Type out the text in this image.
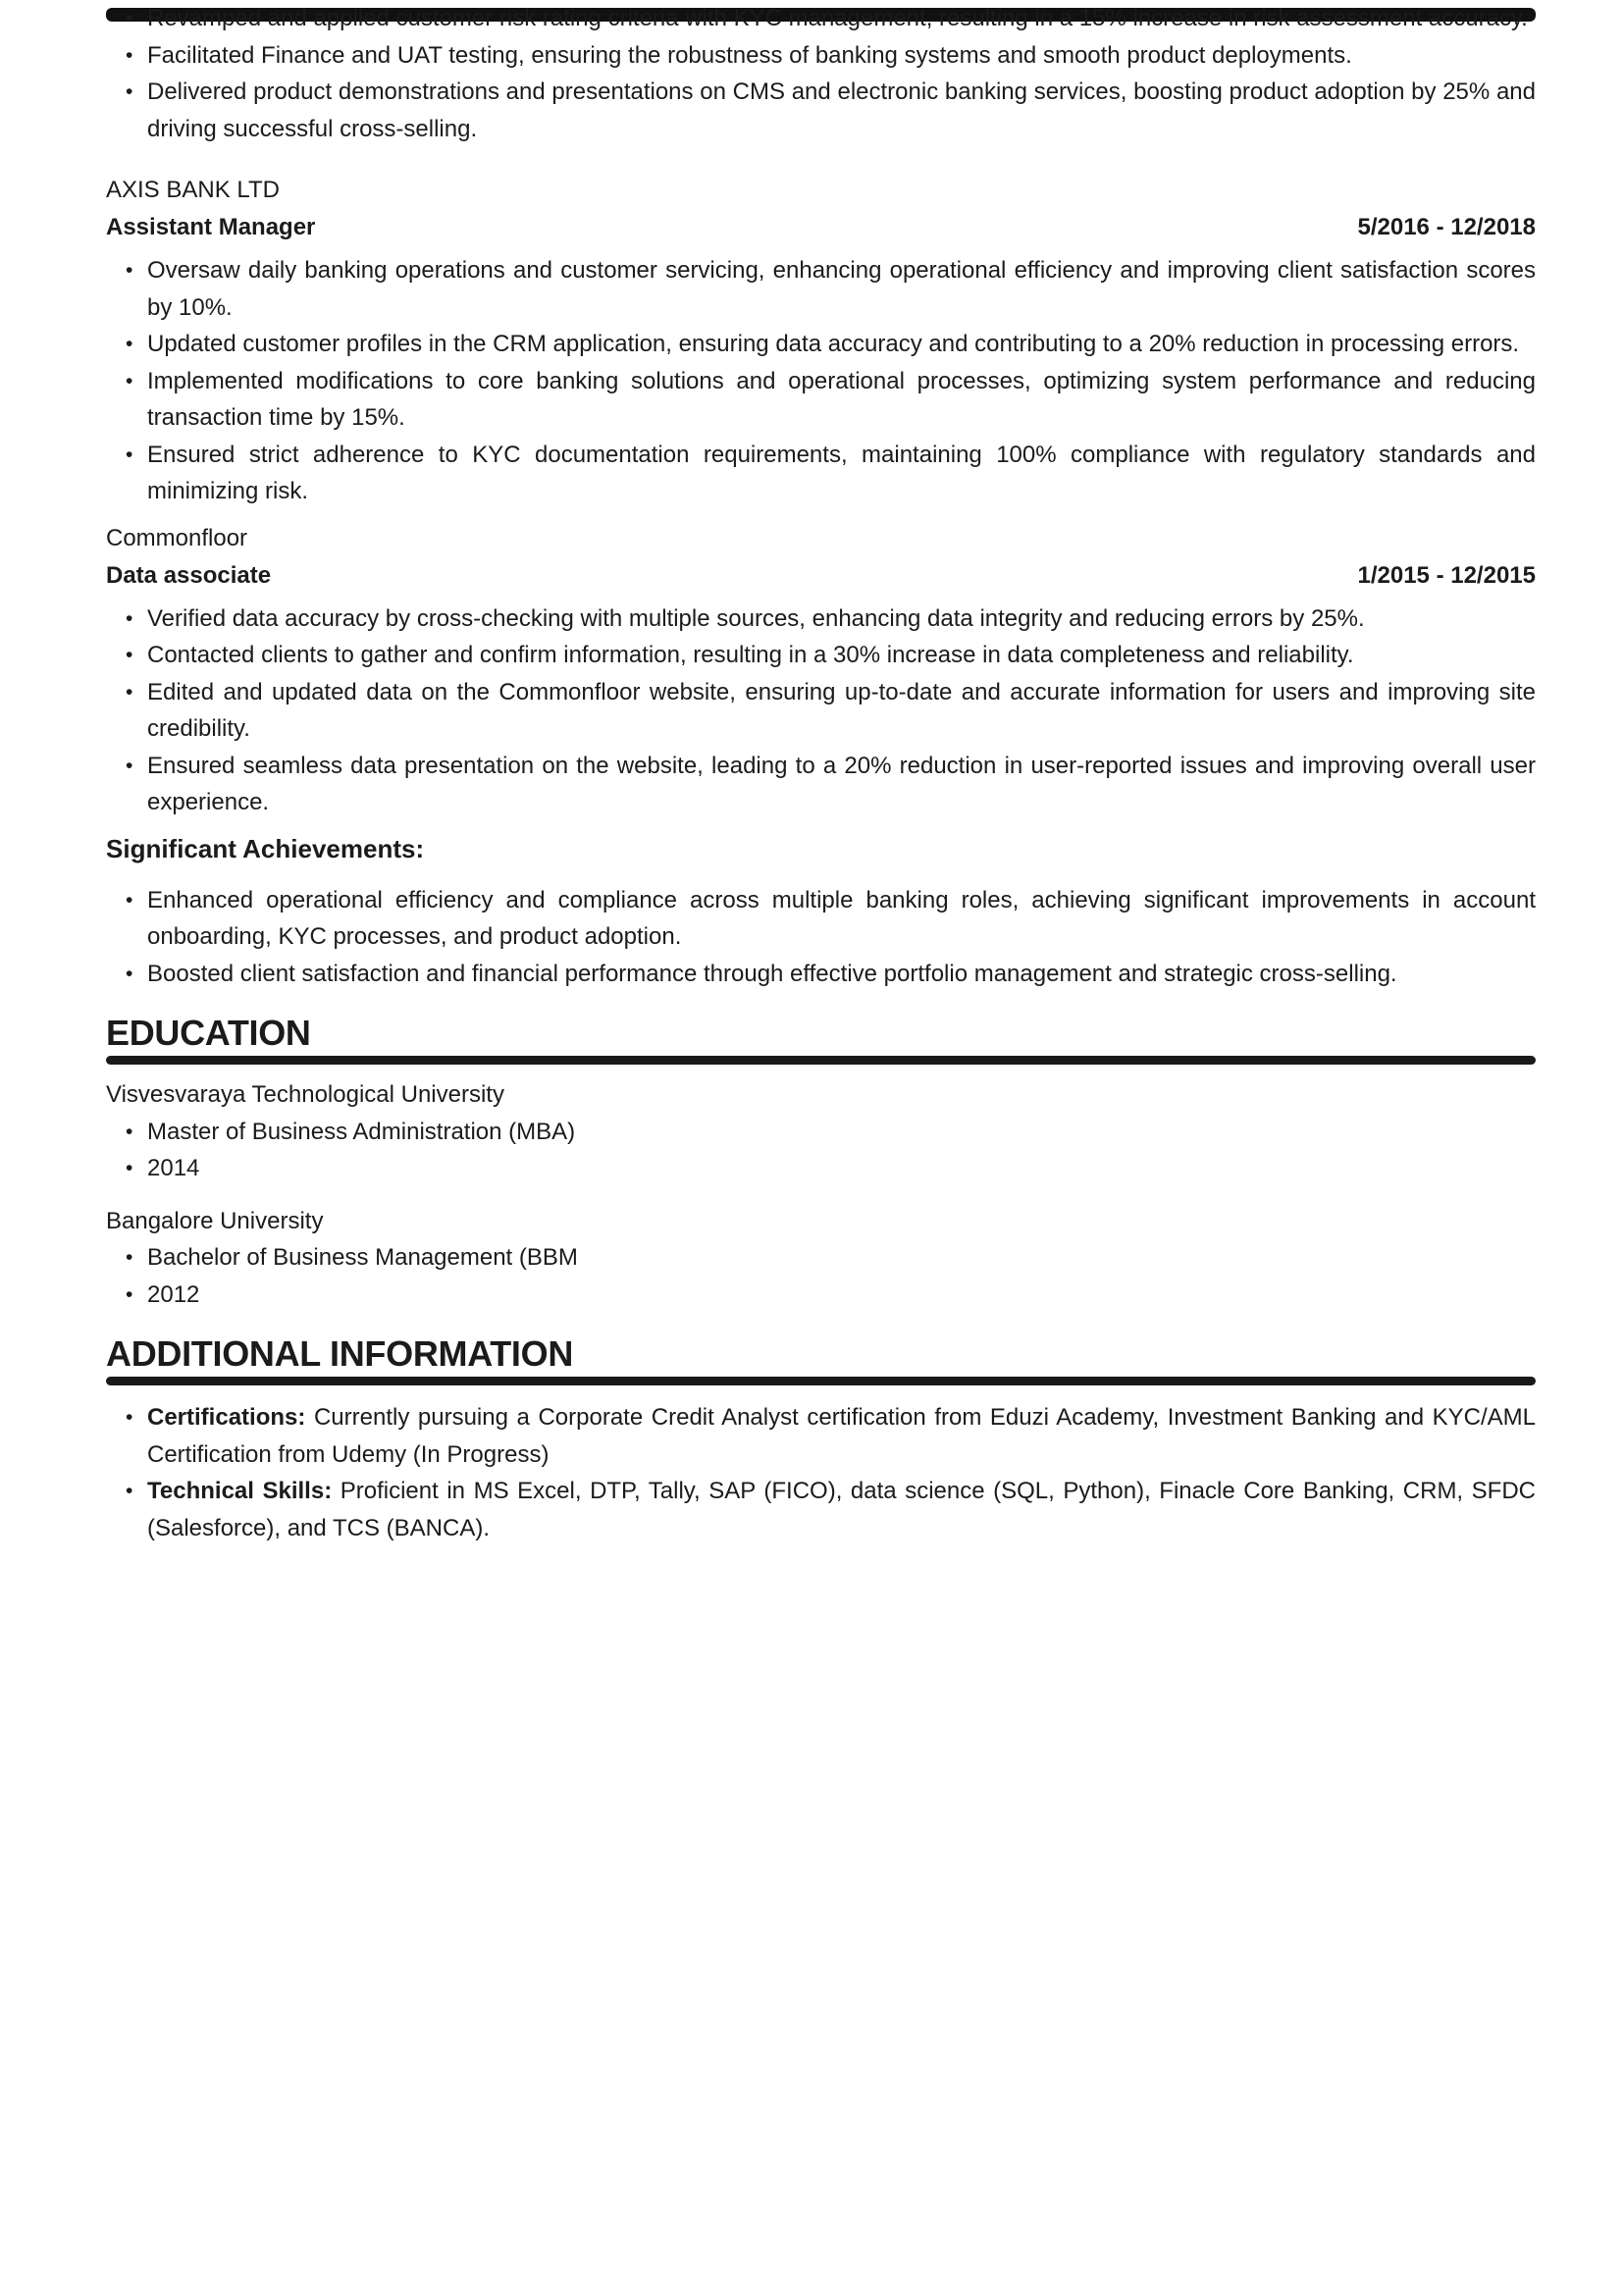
• Revamped and applied customer risk rating criteria with KYC management, resulting in a 15% increase in risk assessment accuracy.
• Facilitated Finance and UAT testing, ensuring the robustness of banking systems and smooth product deployments.
• Delivered product demonstrations and presentations on CMS and electronic banking services, boosting product adoption by 25% and driving successful cross-selling.
AXIS BANK LTD
Assistant Manager	5/2016 - 12/2018
• Oversaw daily banking operations and customer servicing, enhancing operational efficiency and improving client satisfaction scores by 10%.
• Updated customer profiles in the CRM application, ensuring data accuracy and contributing to a 20% reduction in processing errors.
• Implemented modifications to core banking solutions and operational processes, optimizing system performance and reducing transaction time by 15%.
• Ensured strict adherence to KYC documentation requirements, maintaining 100% compliance with regulatory standards and minimizing risk.
Commonfloor
Data associate	1/2015 - 12/2015
• Verified data accuracy by cross-checking with multiple sources, enhancing data integrity and reducing errors by 25%.
• Contacted clients to gather and confirm information, resulting in a 30% increase in data completeness and reliability.
• Edited and updated data on the Commonfloor website, ensuring up-to-date and accurate information for users and improving site credibility.
• Ensured seamless data presentation on the website, leading to a 20% reduction in user-reported issues and improving overall user experience.
Significant Achievements:
• Enhanced operational efficiency and compliance across multiple banking roles, achieving significant improvements in account onboarding, KYC processes, and product adoption.
• Boosted client satisfaction and financial performance through effective portfolio management and strategic cross-selling.
EDUCATION
Visvesvaraya Technological University
• Master of Business Administration (MBA)
• 2014
Bangalore University
• Bachelor of Business Management (BBM
• 2012
ADDITIONAL INFORMATION
• Certifications: Currently pursuing a Corporate Credit Analyst certification from Eduzi Academy, Investment Banking and KYC/AML Certification from Udemy (In Progress)
• Technical Skills: Proficient in MS Excel, DTP, Tally, SAP (FICO), data science (SQL, Python), Finacle Core Banking, CRM, SFDC (Salesforce), and TCS (BANCA).
